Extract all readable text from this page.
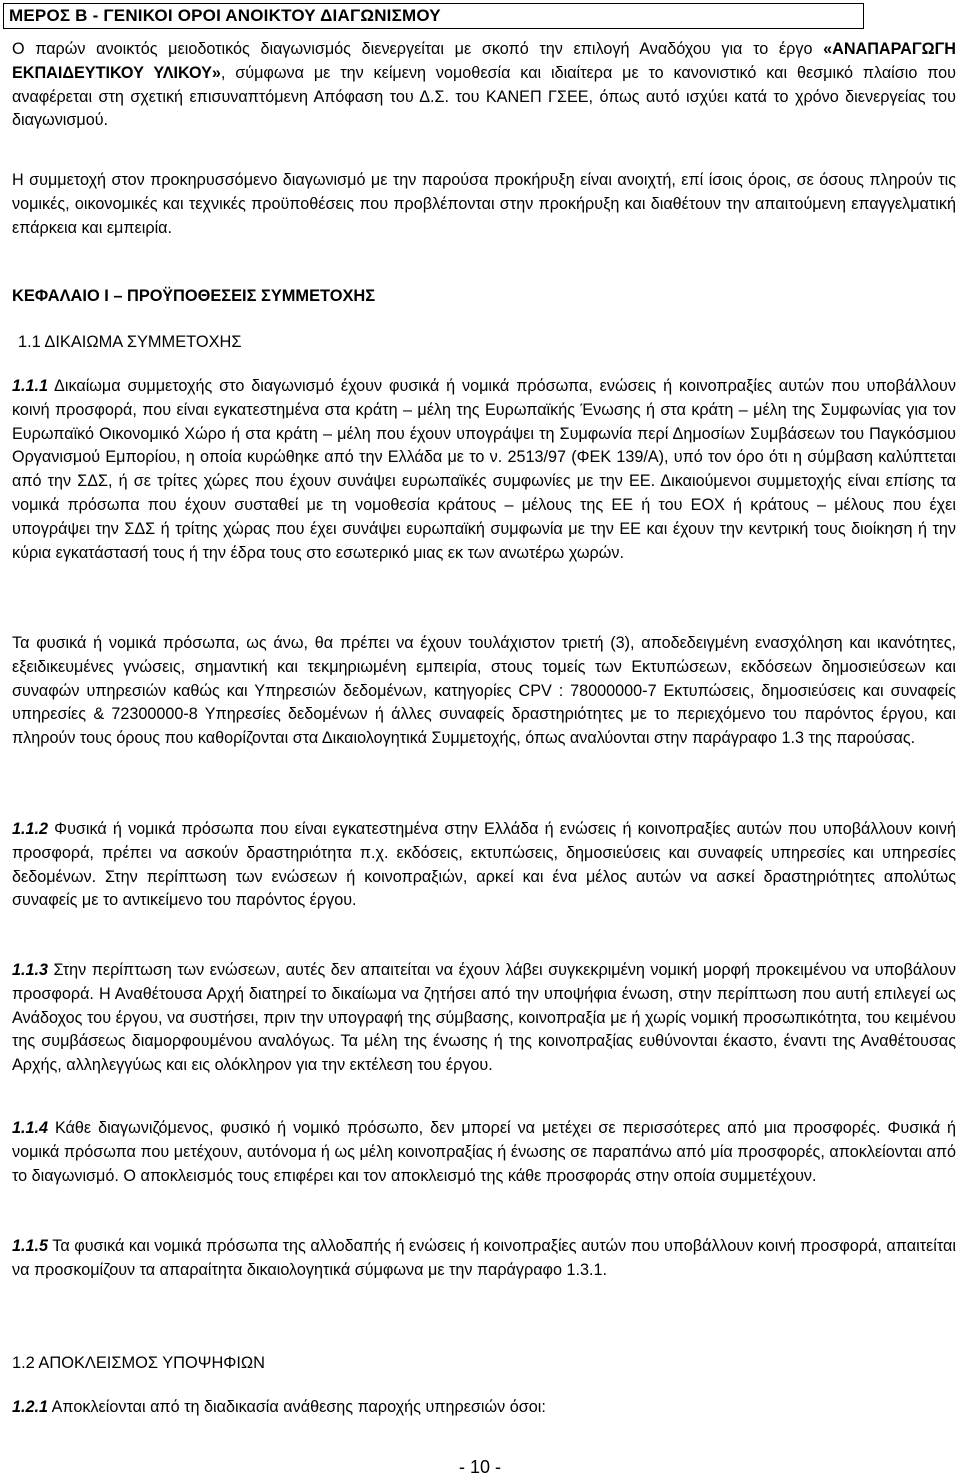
ΜΕΡΟΣ Β - ΓΕΝΙΚΟΙ ΟΡΟΙ ΑΝΟΙΚΤΟΥ ΔΙΑΓΩΝΙΣΜΟΥ

Ο παρών ανοικτός μειοδοτικός διαγωνισμός διενεργείται με σκοπό την επιλογή Αναδόχου για το έργο «ΑΝΑΠΑΡΑΓΩΓΗ ΕΚΠΑΙΔΕΥΤΙΚΟΥ ΥΛΙΚΟΥ», σύμφωνα με την κείμενη νομοθεσία και ιδιαίτερα με το κανονιστικό και θεσμικό πλαίσιο που αναφέρεται στη σχετική επισυναπτόμενη Απόφαση του Δ.Σ. του ΚΑΝΕΠ ΓΣΕΕ, όπως αυτό ισχύει κατά το χρόνο διενεργείας του διαγωνισμού.

Η συμμετοχή στον προκηρυσσόμενο διαγωνισμό με την παρούσα προκήρυξη είναι ανοιχτή, επί ίσοις όροις, σε όσους πληρούν τις νομικές, οικονομικές και τεχνικές προϋποθέσεις που προβλέπονται στην προκήρυξη και διαθέτουν την απαιτούμενη επαγγελματική επάρκεια και εμπειρία.

ΚΕΦΑΛΑΙΟ Ι – ΠΡΟΫΠΟΘΕΣΕΙΣ ΣΥΜΜΕΤΟΧΗΣ

1.1 ΔΙΚΑΙΩΜΑ ΣΥΜΜΕΤΟΧΗΣ

1.1.1 Δικαίωμα συμμετοχής στο διαγωνισμό έχουν φυσικά ή νομικά πρόσωπα, ενώσεις ή κοινοπραξίες αυτών που υποβάλλουν κοινή προσφορά, που είναι εγκατεστημένα στα κράτη – μέλη της Ευρωπαϊκής Ένωσης ή στα κράτη – μέλη της Συμφωνίας για τον Ευρωπαϊκό Οικονομικό Χώρο ή στα κράτη – μέλη που έχουν υπογράψει τη Συμφωνία περί Δημοσίων Συμβάσεων του Παγκόσμιου Οργανισμού Εμπορίου, η οποία κυρώθηκε από την Ελλάδα με το ν. 2513/97 (ΦΕΚ 139/Α), υπό τον όρο ότι η σύμβαση καλύπτεται από την ΣΔΣ, ή σε τρίτες χώρες που έχουν συνάψει ευρωπαϊκές συμφωνίες με την ΕΕ. Δικαιούμενοι συμμετοχής είναι επίσης τα νομικά πρόσωπα που έχουν συσταθεί με τη νομοθεσία κράτους – μέλους της ΕΕ ή του ΕΟΧ ή κράτους – μέλους που έχει υπογράψει την ΣΔΣ ή τρίτης χώρας που έχει συνάψει ευρωπαϊκή συμφωνία με την ΕΕ και έχουν την κεντρική τους διοίκηση ή την κύρια εγκατάστασή τους ή την έδρα τους στο εσωτερικό μιας εκ των ανωτέρω χωρών.

Τα φυσικά ή νομικά πρόσωπα, ως άνω, θα πρέπει να έχουν τουλάχιστον τριετή (3), αποδεδειγμένη ενασχόληση και ικανότητες, εξειδικευμένες γνώσεις, σημαντική και τεκμηριωμένη εμπειρία, στους τομείς των Εκτυπώσεων, εκδόσεων δημοσιεύσεων και συναφών υπηρεσιών καθώς και Υπηρεσιών δεδομένων, κατηγορίες CPV : 78000000-7 Εκτυπώσεις, δημοσιεύσεις και συναφείς υπηρεσίες & 72300000-8 Υπηρεσίες δεδομένων ή άλλες συναφείς δραστηριότητες με το περιεχόμενο του παρόντος έργου, και πληρούν τους όρους που καθορίζονται στα Δικαιολογητικά Συμμετοχής, όπως αναλύονται στην παράγραφο 1.3 της παρούσας.

1.1.2 Φυσικά ή νομικά πρόσωπα που είναι εγκατεστημένα στην Ελλάδα ή ενώσεις ή κοινοπραξίες αυτών που υποβάλλουν κοινή προσφορά, πρέπει να ασκούν δραστηριότητα π.χ. εκδόσεις, εκτυπώσεις, δημοσιεύσεις και συναφείς υπηρεσίες και υπηρεσίες δεδομένων. Στην περίπτωση των ενώσεων ή κοινοπραξιών, αρκεί και ένα μέλος αυτών να ασκεί δραστηριότητες απολύτως συναφείς με το αντικείμενο του παρόντος έργου.

1.1.3 Στην περίπτωση των ενώσεων, αυτές δεν απαιτείται να έχουν λάβει συγκεκριμένη νομική μορφή προκειμένου να υποβάλουν προσφορά. Η Αναθέτουσα Αρχή διατηρεί το δικαίωμα να ζητήσει από την υποψήφια ένωση, στην περίπτωση που αυτή επιλεγεί ως Ανάδοχος του έργου, να συστήσει, πριν την υπογραφή της σύμβασης, κοινοπραξία με ή χωρίς νομική προσωπικότητα, του κειμένου της συμβάσεως διαμορφουμένου αναλόγως. Τα μέλη της ένωσης ή της κοινοπραξίας ευθύνονται έκαστο, έναντι της Αναθέτουσας Αρχής, αλληλεγγύως και εις ολόκληρον για την εκτέλεση του έργου.

1.1.4 Κάθε διαγωνιζόμενος, φυσικό ή νομικό πρόσωπο, δεν μπορεί να μετέχει σε περισσότερες από μια προσφορές. Φυσικά ή νομικά πρόσωπα που μετέχουν, αυτόνομα ή ως μέλη κοινοπραξίας ή ένωσης σε παραπάνω από μία προσφορές, αποκλείονται από το διαγωνισμό. Ο αποκλεισμός τους επιφέρει και τον αποκλεισμό της κάθε προσφοράς στην οποία συμμετέχουν.

1.1.5 Τα φυσικά και νομικά πρόσωπα της αλλοδαπής ή ενώσεις ή κοινοπραξίες αυτών που υποβάλλουν κοινή προσφορά, απαιτείται να προσκομίζουν τα απαραίτητα δικαιολογητικά σύμφωνα με την παράγραφο 1.3.1.

1.2 ΑΠΟΚΛΕΙΣΜΟΣ ΥΠΟΨΗΦΙΩΝ

1.2.1 Αποκλείονται από τη διαδικασία ανάθεσης παροχής υπηρεσιών όσοι:

- 10 -
